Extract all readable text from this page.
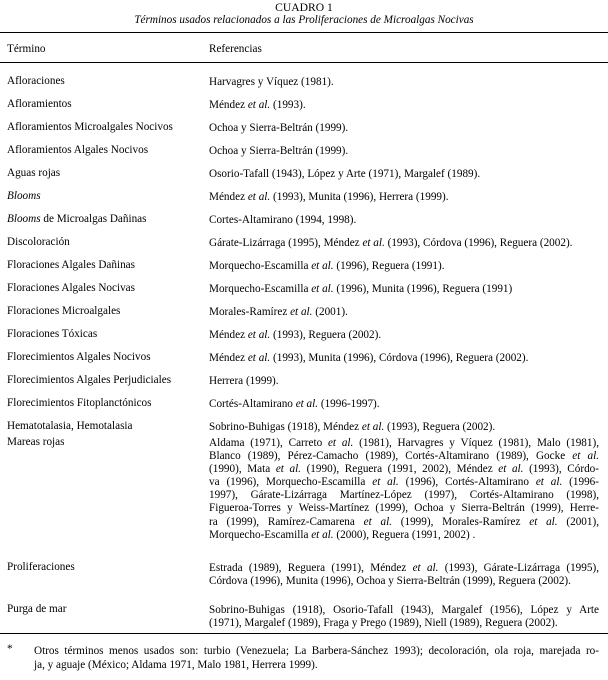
CUADRO 1
Términos usados relacionados a las Proliferaciones de Microalgas Nocivas
Término	Referencias
Afloraciones	Harvagres y Víquez (1981).
Afloramientos	Méndez et al. (1993).
Afloramientos Microalgales Nocivos	Ochoa y Sierra-Beltrán (1999).
Afloramientos Algales Nocivos	Ochoa y Sierra-Beltrán (1999).
Aguas rojas	Osorio-Tafall (1943), López y Arte (1971), Margalef (1989).
Blooms	Méndez et al. (1993), Munita (1996), Herrera (1999).
Blooms de Microalgas Dañinas	Cortes-Altamirano (1994, 1998).
Discoloración	Gárate-Lizárraga (1995), Méndez et al. (1993), Córdova (1996), Reguera (2002).
Floraciones Algales Dañinas	Morquecho-Escamilla et al. (1996), Reguera (1991).
Floraciones Algales Nocivas	Morquecho-Escamilla et al. (1996), Munita (1996), Reguera (1991)
Floraciones Microalgales	Morales-Ramírez et al. (2001).
Floraciones Tóxicas	Méndez et al. (1993), Reguera (2002).
Florecimientos Algales Nocivos	Méndez et al. (1993), Munita (1996), Córdova (1996), Reguera (2002).
Florecimientos Algales Perjudiciales	Herrera (1999).
Florecimientos Fitoplanctónicos	Cortés-Altamirano et al. (1996-1997).
Hematotalasia, Hemotalasia	Sobrino-Buhigas (1918), Méndez et al. (1993), Reguera (2002).
Mareas rojas	Aldama (1971), Carreto et al. (1981), Harvagres y Víquez (1981), Malo (1981),
Blanco (1989), Pérez-Camacho (1989), Cortés-Altamirano (1989), Gocke et al.
(1990), Mata et al. (1990), Reguera (1991, 2002), Méndez et al. (1993), Córdo-
va (1996), Morquecho-Escamilla et al. (1996), Cortés-Altamirano et al. (1996-
1997), Gárate-Lizárraga Martínez-López (1997), Cortés-Altamirano (1998),
Figueroa-Torres y Weiss-Martínez (1999), Ochoa y Sierra-Beltrán (1999), Herre-
ra (1999), Ramírez-Camarena et al. (1999), Morales-Ramírez et al. (2001),
Morquecho-Escamilla et al. (2000), Reguera (1991, 2002) .
Proliferaciones	Estrada (1989), Reguera (1991), Méndez et al. (1993), Gárate-Lizárraga (1995),
Córdova (1996), Munita (1996), Ochoa y Sierra-Beltrán (1999), Reguera (2002).
Purga de mar	Sobrino-Buhigas (1918), Osorio-Tafall (1943), Margalef (1956), López y Arte
(1971), Margalef (1989), Fraga y Prego (1989), Niell (1989), Reguera (2002).
* Otros términos menos usados son: turbio (Venezuela; La Barbera-Sánchez 1993); decoloración, ola roja, marejada ro-
ja, y aguaje (México; Aldama 1971, Malo 1981, Herrera 1999).
